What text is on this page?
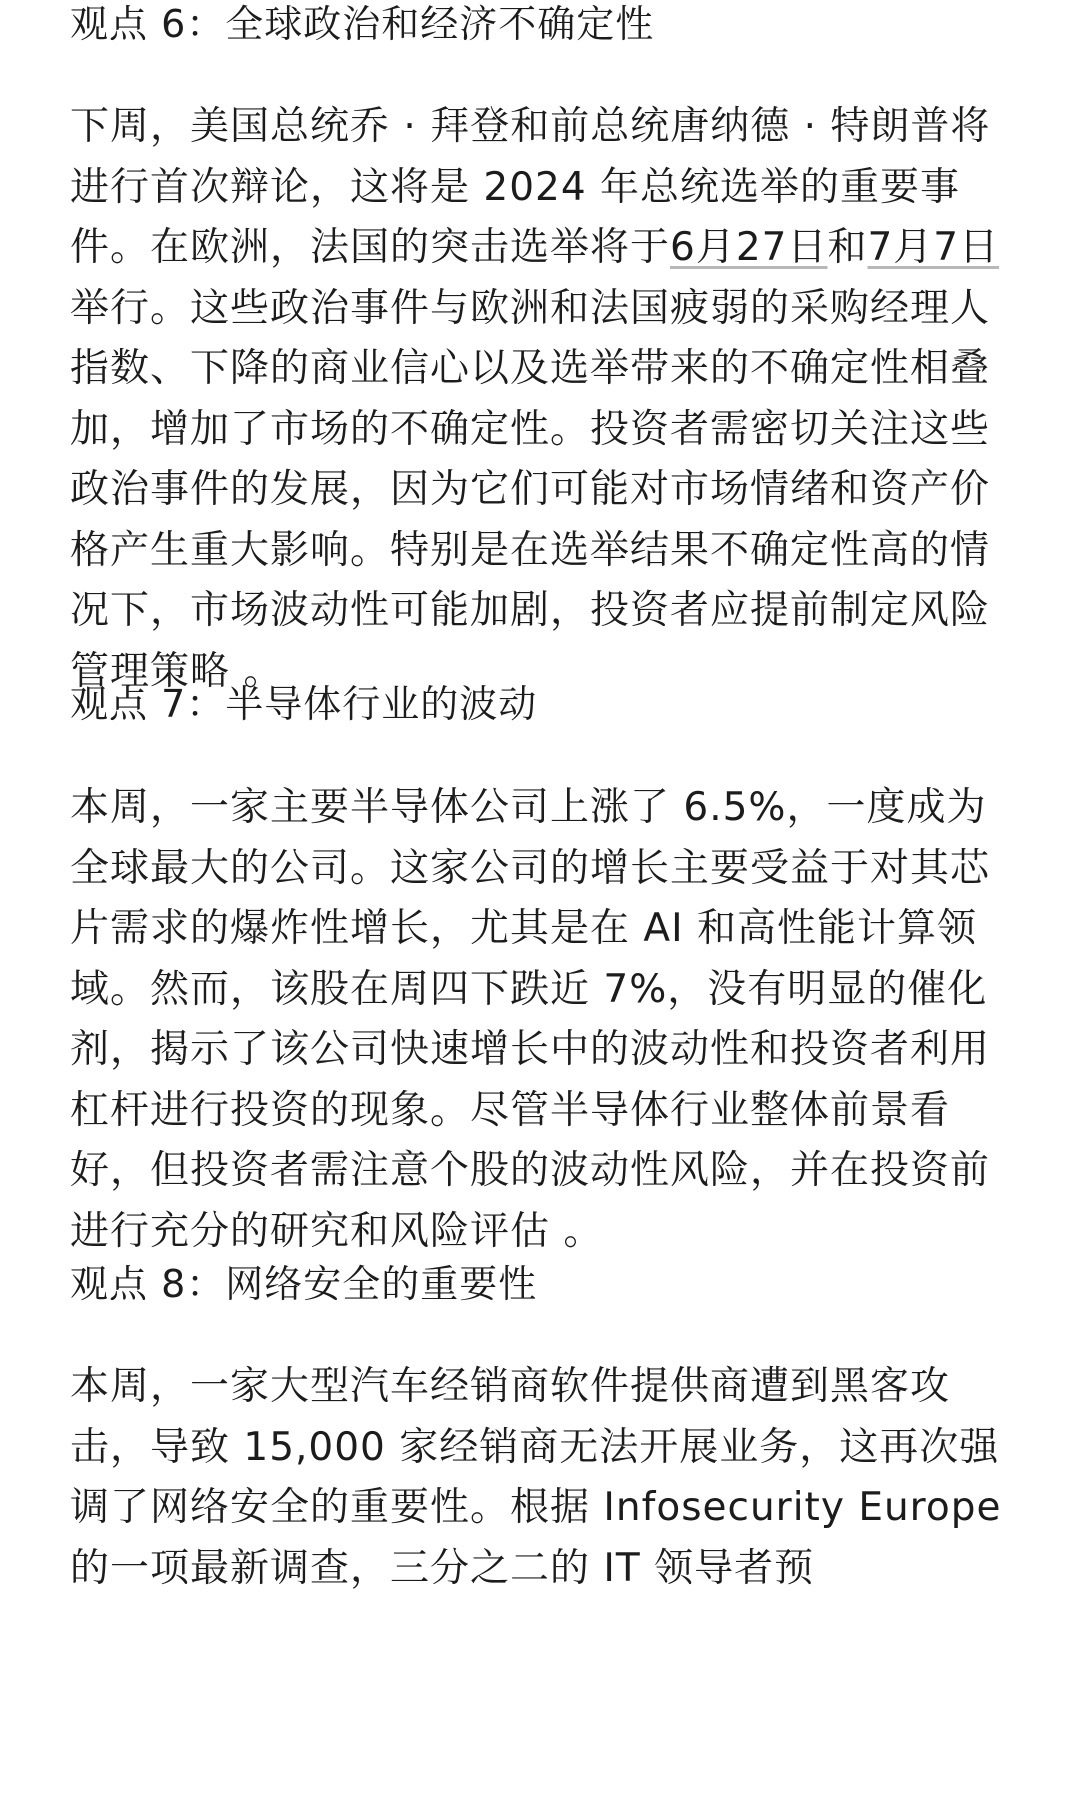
观点 6：全球政治和经济不确定性

下周，美国总统乔 · 拜登和前总统唐纳德 · 特朗普将进行首次辩论，这将是 2024 年总统选举的重要事件。在欧洲，法国的突击选举将于6月27日和7月7日举行。这些政治事件与欧洲和法国疲弱的采购经理人指数、下降的商业信心以及选举带来的不确定性相叠加，增加了市场的不确定性。投资者需密切关注这些政治事件的发展，因为它们可能对市场情绪和资产价格产生重大影响。特别是在选举结果不确定性高的情况下，市场波动性可能加剧，投资者应提前制定风险管理策略 。

观点 7：半导体行业的波动

本周，一家主要半导体公司上涨了 6.5%，一度成为全球最大的公司。这家公司的增长主要受益于对其芯片需求的爆炸性增长，尤其是在 AI 和高性能计算领域。然而，该股在周四下跌近 7%，没有明显的催化剂，揭示了该公司快速增长中的波动性和投资者利用杠杆进行投资的现象。尽管半导体行业整体前景看好，但投资者需注意个股的波动性风险，并在投资前进行充分的研究和风险评估 。

观点 8：网络安全的重要性

本周，一家大型汽车经销商软件提供商遭到黑客攻击，导致 15,000 家经销商无法开展业务，这再次强调了网络安全的重要性。根据 Infosecurity Europe 的一项最新调查，三分之二的 IT 领导者预
